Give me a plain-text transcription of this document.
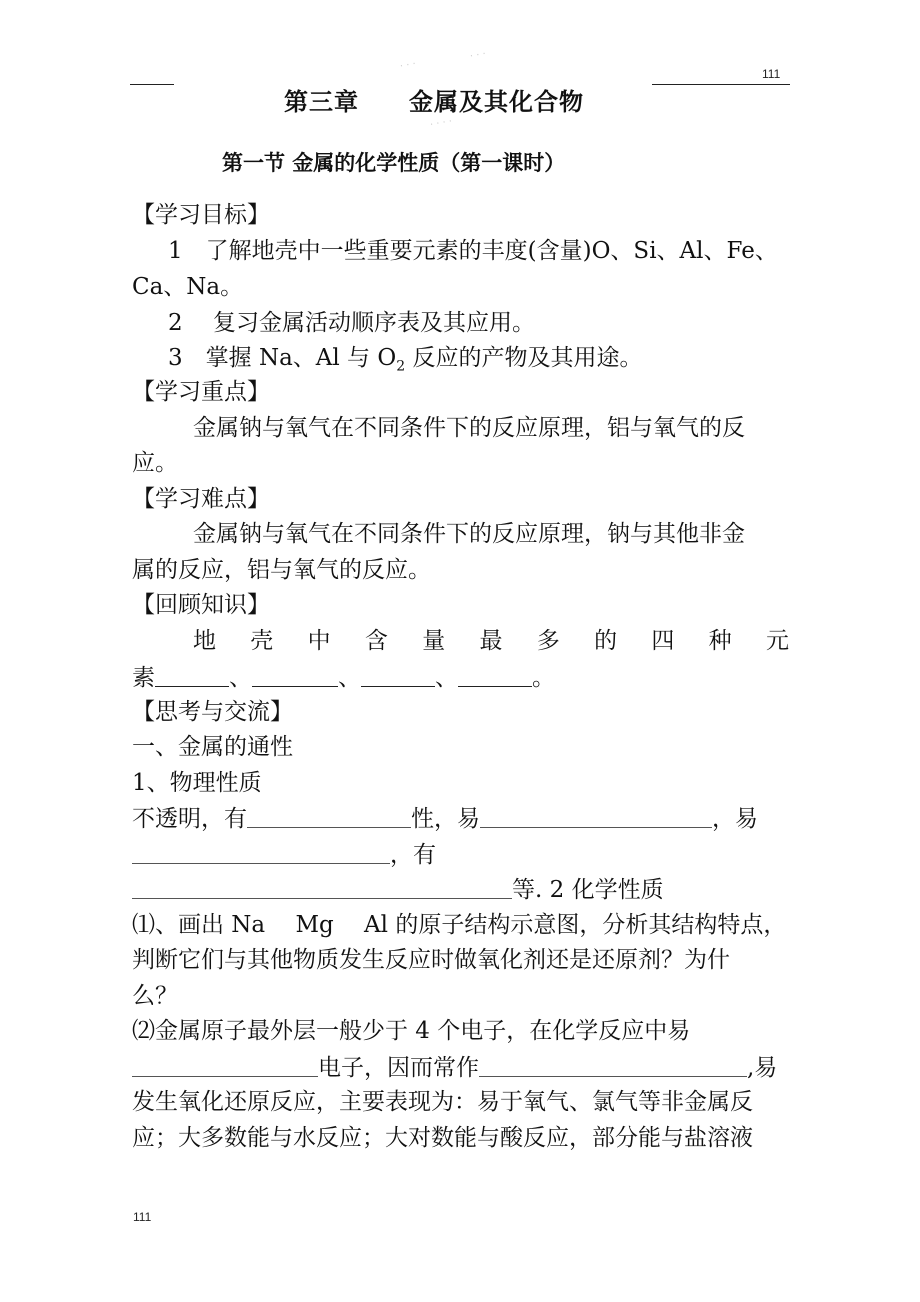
· · ·
· · ·
· · · ·
111
第三章　　金属及其化合物
第一节 金属的化学性质（第一课时）
【学习目标】
1　了解地壳中一些重要元素的丰度(含量)O、Si、Al、Fe、
Ca、Na。
2　 复习金属活动顺序表及其应用。
3　掌握 Na、Al 与 $O_2$ 反应的产物及其用途。
【学习重点】
金属钠与氧气在不同条件下的反应原理，铝与氧气的反
应。
【学习难点】
金属钠与氧气在不同条件下的反应原理，钠与其他非金
属的反应，铝与氧气的反应。
【回顾知识】
地 壳 中 含 量 最 多 的 四 种 元
素	、	、	、	。
【思考与交流】
一、金属的通性
1、物理性质
不透明，有	性，易	，易
，有
等. 2 化学性质
⑴、画出 Na　 Mg　 Al 的原子结构示意图，分析其结构特点，
判断它们与其他物质发生反应时做氧化剂还是还原剂？为什
么？
⑵金属原子最外层一般少于 4 个电子，在化学反应中易
电子，因而常作	,易
发生氧化还原反应，主要表现为：易于氧气、氯气等非金属反
应；大多数能与水反应；大对数能与酸反应，部分能与盐溶液
111
